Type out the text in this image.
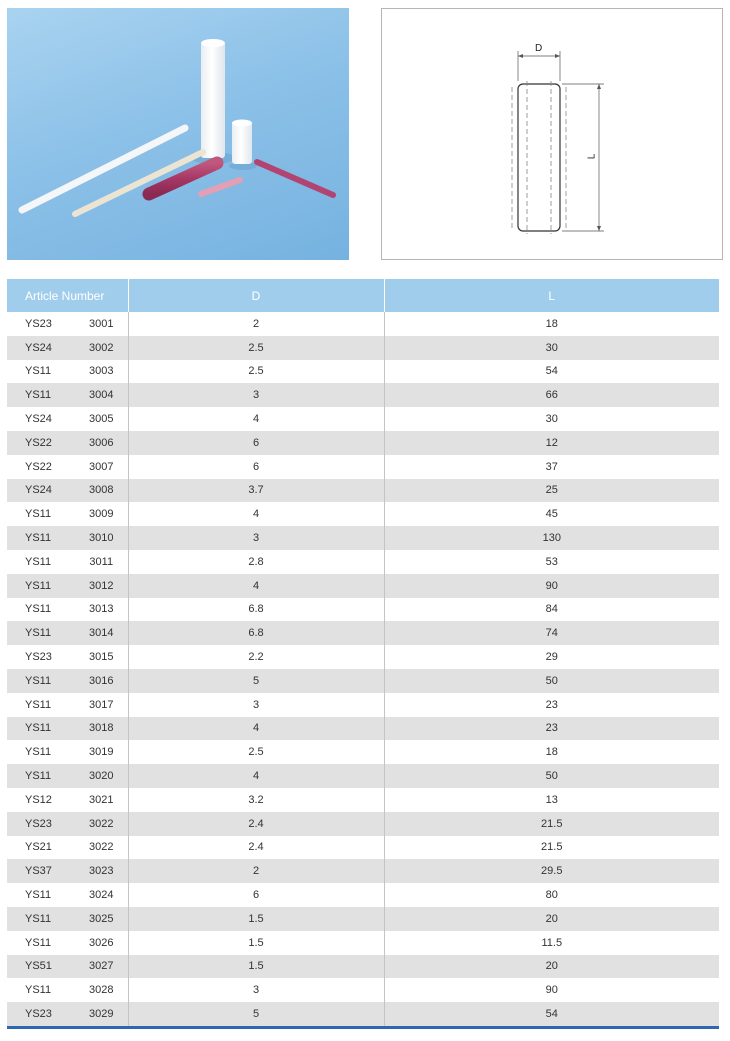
D
L
Article Number		D	L
YS23	3001	2	18
YS24	3002	2.5	30
YS11	3003	2.5	54
YS11	3004	3	66
YS24	3005	4	30
YS22	3006	6	12
YS22	3007	6	37
YS24	3008	3.7	25
YS11	3009	4	45
YS11	3010	3	130
YS11	3011	2.8	53
YS11	3012	4	90
YS11	3013	6.8	84
YS11	3014	6.8	74
YS23	3015	2.2	29
YS11	3016	5	50
YS11	3017	3	23
YS11	3018	4	23
YS11	3019	2.5	18
YS11	3020	4	50
YS12	3021	3.2	13
YS23	3022	2.4	21.5
YS21	3022	2.4	21.5
YS37	3023	2	29.5
YS11	3024	6	80
YS11	3025	1.5	20
YS11	3026	1.5	11.5
YS51	3027	1.5	20
YS11	3028	3	90
YS23	3029	5	54
